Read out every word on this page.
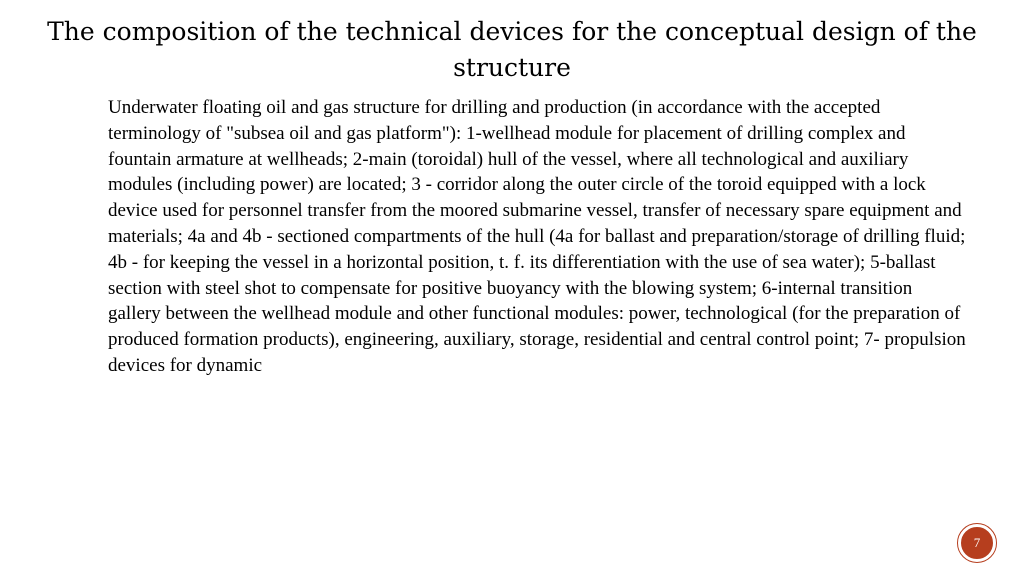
The composition of the technical devices for the conceptual design of the structure

Underwater floating oil and gas structure for drilling and production (in accordance with the accepted terminology of "subsea oil and gas platform"): 1-wellhead module for placement of drilling complex and fountain armature at wellheads; 2-main (toroidal) hull of the vessel, where all technological and auxiliary modules (including power) are located; 3 - corridor along the outer circle of the toroid equipped with a lock device used for personnel transfer from the moored submarine vessel, transfer of necessary spare equipment and materials; 4a and 4b - sectioned compartments of the hull (4a for ballast and preparation/storage of drilling fluid; 4b - for keeping the vessel in a horizontal position, t. f. its differentiation with the use of sea water); 5-ballast section with steel shot to compensate for positive buoyancy with the blowing system; 6-internal transition gallery between the wellhead module and other functional modules: power, technological (for the preparation of produced formation products), engineering, auxiliary, storage, residential and central control point; 7- propulsion devices for dynamic

7
